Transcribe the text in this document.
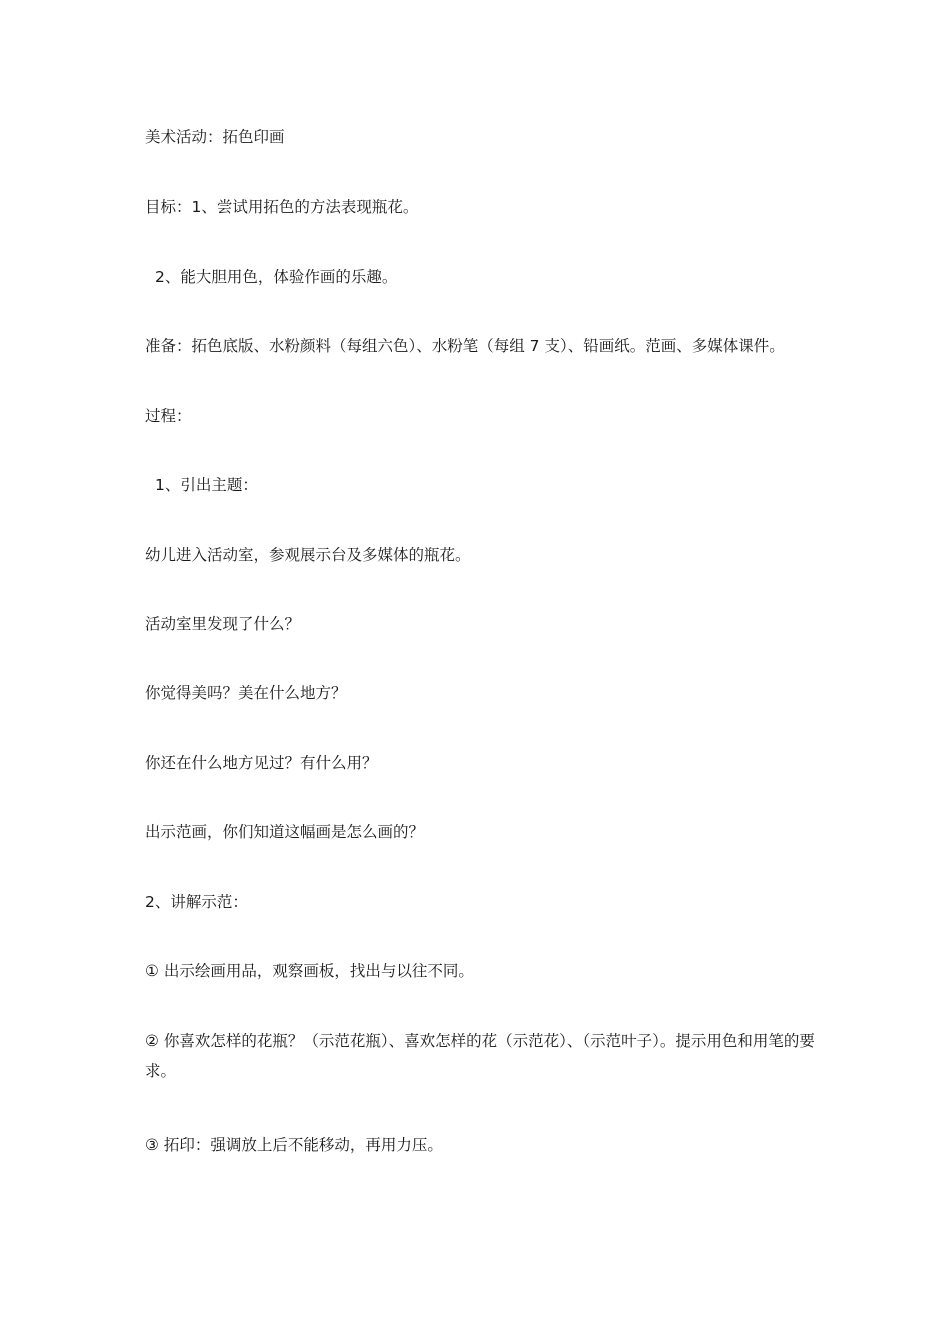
美术活动：拓色印画

目标：1、尝试用拓色的方法表现瓶花。

2、能大胆用色，体验作画的乐趣。

准备：拓色底版、水粉颜料（每组六色）、水粉笔（每组 7 支）、铅画纸。范画、多媒体课件。

过程：

1、引出主题：

幼儿进入活动室，参观展示台及多媒体的瓶花。

活动室里发现了什么？

你觉得美吗？美在什么地方？

你还在什么地方见过？有什么用？

出示范画，你们知道这幅画是怎么画的？

2、讲解示范：

① 出示绘画用品，观察画板，找出与以往不同。

② 你喜欢怎样的花瓶？（示范花瓶）、喜欢怎样的花（示范花）、（示范叶子）。提示用色和用笔的要求。

③ 拓印：强调放上后不能移动，再用力压。
